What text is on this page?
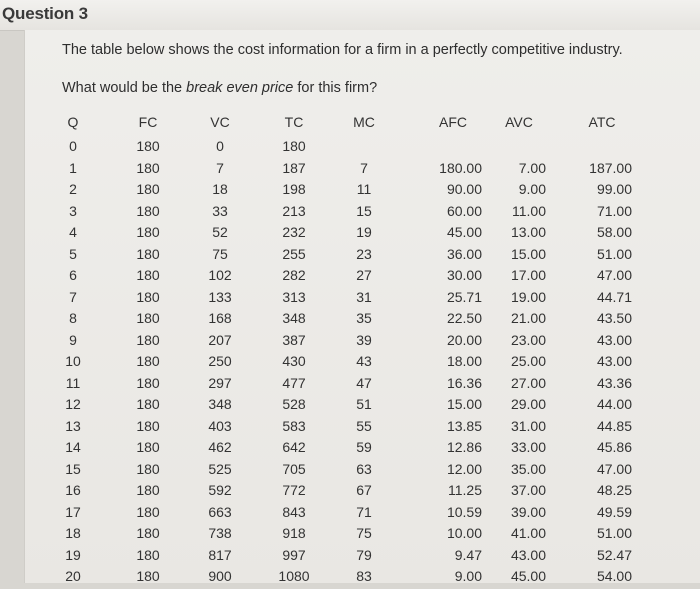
Question 3
The table below shows the cost information for a firm in a perfectly competitive industry.
What would be the break even price for this firm?
Q	FC	VC	TC	MC	AFC	AVC	ATC
0	180	0	180
1	180	7	187	7	180.00	7.00	187.00
2	180	18	198	11	90.00	9.00	99.00
3	180	33	213	15	60.00	11.00	71.00
4	180	52	232	19	45.00	13.00	58.00
5	180	75	255	23	36.00	15.00	51.00
6	180	102	282	27	30.00	17.00	47.00
7	180	133	313	31	25.71	19.00	44.71
8	180	168	348	35	22.50	21.00	43.50
9	180	207	387	39	20.00	23.00	43.00
10	180	250	430	43	18.00	25.00	43.00
11	180	297	477	47	16.36	27.00	43.36
12	180	348	528	51	15.00	29.00	44.00
13	180	403	583	55	13.85	31.00	44.85
14	180	462	642	59	12.86	33.00	45.86
15	180	525	705	63	12.00	35.00	47.00
16	180	592	772	67	11.25	37.00	48.25
17	180	663	843	71	10.59	39.00	49.59
18	180	738	918	75	10.00	41.00	51.00
19	180	817	997	79	9.47	43.00	52.47
20	180	900	1080	83	9.00	45.00	54.00
